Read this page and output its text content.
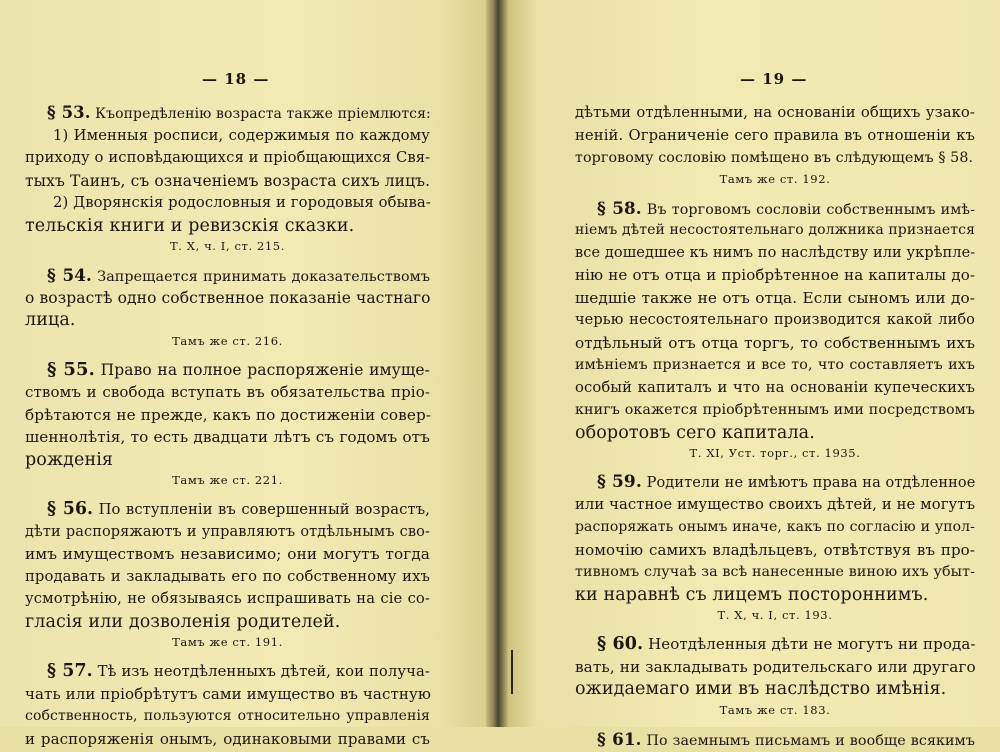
— 18 —
§ 53. Къопредѣленію возраста также пріемлются:
1) Именныя росписи, содержимыя по каждому
приходу о исповѣдающихся и пріобщающихся Свя-
тыхъ Таинъ, съ означеніемъ возраста сихъ лицъ.
2) Дворянскія родословныя и городовыя обыва-
тельскія книги и ревизскія сказки.
Т. X, ч. I, ст. 215.
§ 54. Запрещается принимать доказательствомъ
о возрастѣ одно собственное показаніе частнаго
лица.
Тамъ же ст. 216.
§ 55. Право на полное распоряженіе имуще-
ствомъ и свобода вступать въ обязательства пріо-
брѣтаются не прежде, какъ по достиженіи совер-
шеннолѣтія, то есть двадцати лѣтъ съ годомъ отъ
рожденія
Тамъ же ст. 221.
§ 56. По вступленіи въ совершенный возрастъ,
дѣти распоряжаютъ и управляютъ отдѣльнымъ сво-
имъ имуществомъ независимо; они могутъ тогда
продавать и закладывать его по собственному ихъ
усмотрѣнію, не обязываясь испрашивать на сіе со-
гласія или дозволенія родителей.
Тамъ же ст. 191.
§ 57. Тѣ изъ неотдѣленныхъ дѣтей, кои получа-
чать или пріобрѣтутъ сами имущество въ частную
собственность, пользуются относительно управленія
и распоряженія онымъ, одинаковыми правами съ
— 19 —
дѣтьми отдѣленными, на основаніи общихъ узако-
неній. Ограниченіе сего правила въ отношеніи къ
торговому сословію помѣщено въ слѣдующемъ § 58.
Тамъ же ст. 192.
§ 58. Въ торговомъ сословіи собственнымъ имѣ-
ніемъ дѣтей несостоятельнаго должника признается
все дошедшее къ нимъ по наслѣдству или укрѣпле-
нію не отъ отца и пріобрѣтенное на капиталы до-
шедшіе также не отъ отца. Если сыномъ или до-
черью несостоятельнаго производится какой либо
отдѣльный отъ отца торгъ, то собственнымъ ихъ
имѣніемъ признается и все то, что составляетъ ихъ
особый капиталъ и что на основаніи купеческихъ
книгъ окажется пріобрѣтеннымъ ими посредствомъ
оборотовъ сего капитала.
Т. XI, Уст. торг., ст. 1935.
§ 59. Родители не имѣютъ права на отдѣленное
или частное имущество своихъ дѣтей, и не могутъ
распоряжать онымъ иначе, какъ по согласію и упол-
номочію самихъ владѣльцевъ, отвѣтствуя въ про-
тивномъ случаѣ за всѣ нанесенные виною ихъ убыт-
ки наравнѣ съ лицемъ постороннимъ.
Т. X, ч. I, ст. 193.
§ 60. Неотдѣленныя дѣти не могутъ ни прода-
вать, ни закладывать родительскаго или другаго
ожидаемаго ими въ наслѣдство имѣнія.
Тамъ же ст. 183.
§ 61. По заемнымъ письмамъ и вообще всякимъ
